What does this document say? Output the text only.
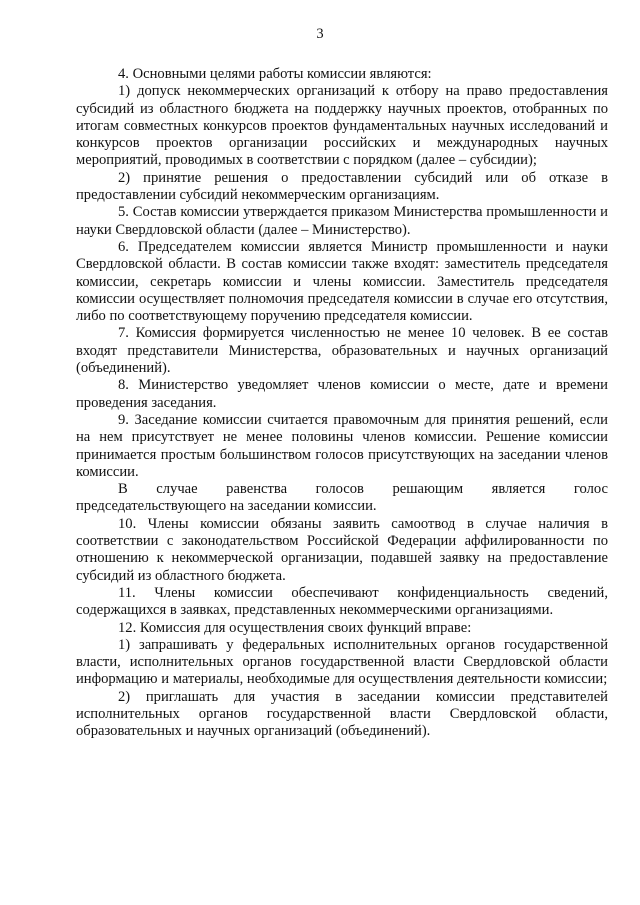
3

4. Основными целями работы комиссии являются:

1) допуск некоммерческих организаций к отбору на право предоставления субсидий из областного бюджета на поддержку научных проектов, отобранных по итогам совместных конкурсов проектов фундаментальных научных исследований и конкурсов проектов организации российских и международных научных мероприятий, проводимых в соответствии с порядком (далее – субсидии);

2) принятие решения о предоставлении субсидий или об отказе в предоставлении субсидий некоммерческим организациям.

5. Состав комиссии утверждается приказом Министерства промышленности и науки Свердловской области (далее – Министерство).

6. Председателем комиссии является Министр промышленности и науки Свердловской области. В состав комиссии также входят: заместитель председателя комиссии, секретарь комиссии и члены комиссии. Заместитель председателя комиссии осуществляет полномочия председателя комиссии в случае его отсутствия, либо по соответствующему поручению председателя комиссии.

7. Комиссия формируется численностью не менее 10 человек. В ее состав входят представители Министерства, образовательных и научных организаций (объединений).

8. Министерство уведомляет членов комиссии о месте, дате и времени проведения заседания.

9. Заседание комиссии считается правомочным для принятия решений, если на нем присутствует не менее половины членов комиссии. Решение комиссии принимается простым большинством голосов присутствующих на заседании членов комиссии.

В случае равенства голосов решающим является голос председательствующего на заседании комиссии.

10. Члены комиссии обязаны заявить самоотвод в случае наличия в соответствии с законодательством Российской Федерации аффилированности по отношению к некоммерческой организации, подавшей заявку на предоставление субсидий из областного бюджета.

11. Члены комиссии обеспечивают конфиденциальность сведений, содержащихся в заявках, представленных некоммерческими организациями.

12. Комиссия для осуществления своих функций вправе:

1) запрашивать у федеральных исполнительных органов государственной власти, исполнительных органов государственной власти Свердловской области информацию и материалы, необходимые для осуществления деятельности комиссии;

2) приглашать для участия в заседании комиссии представителей исполнительных органов государственной власти Свердловской области, образовательных и научных организаций (объединений).
